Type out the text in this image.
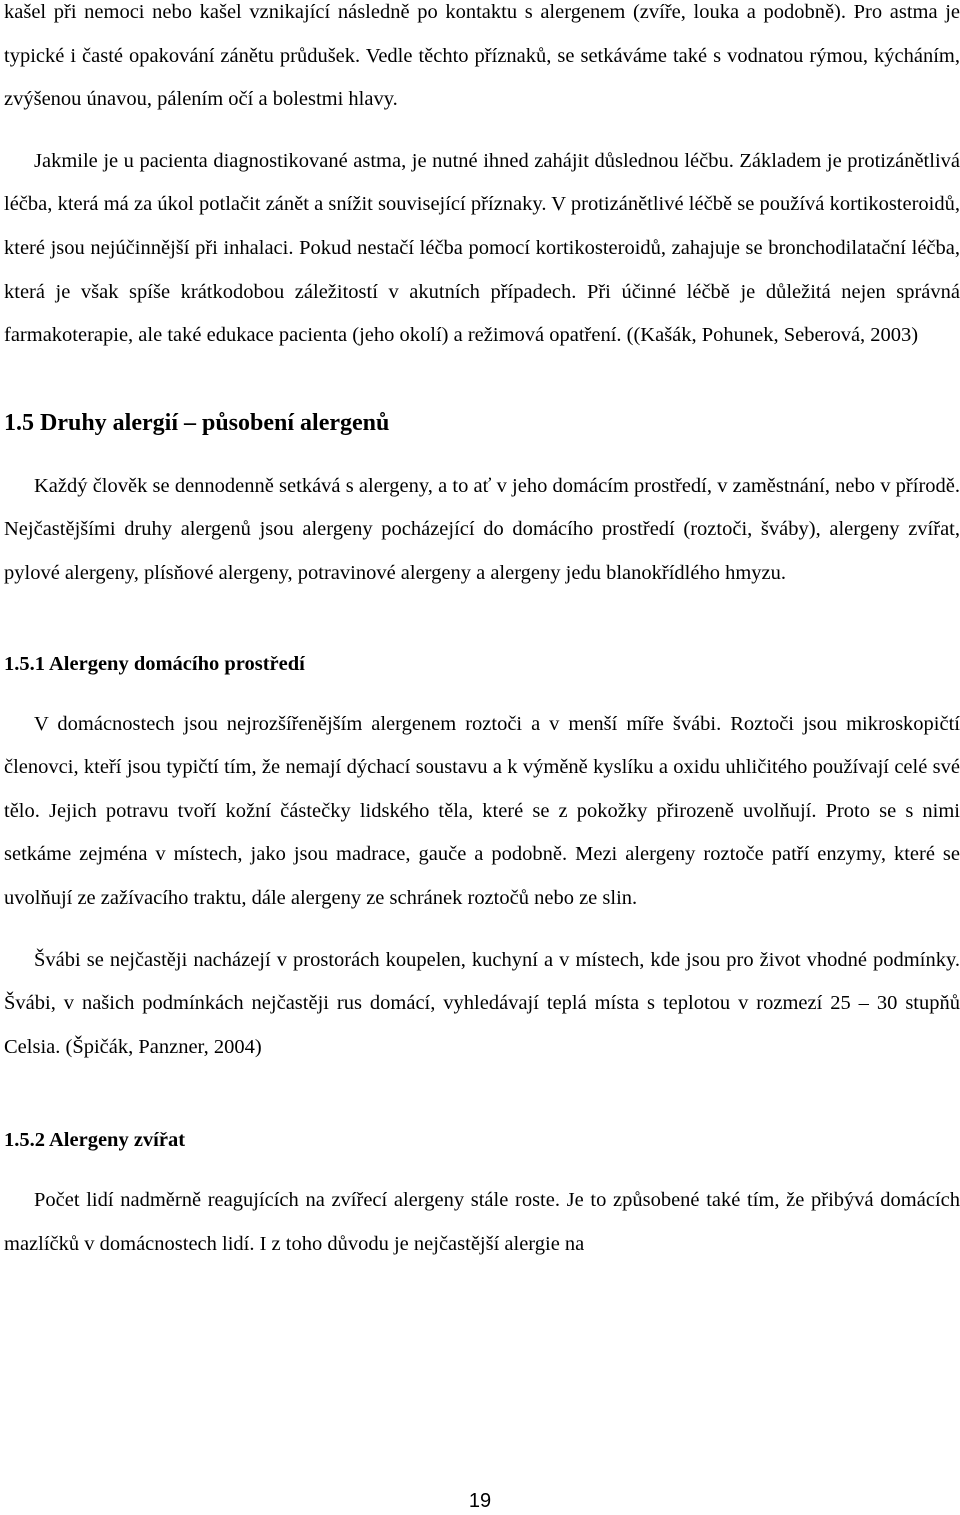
kašel při nemoci nebo kašel vznikající následně po kontaktu s alergenem (zvíře, louka a podobně). Pro astma je typické i časté opakování zánětu průdušek. Vedle těchto příznaků, se setkáváme také s vodnatou rýmou, kýcháním, zvýšenou únavou, pálením očí a bolestmi hlavy.

Jakmile je u pacienta diagnostikované astma, je nutné ihned zahájit důslednou léčbu. Základem je protizánětlivá léčba, která má za úkol potlačit zánět a snížit související příznaky. V protizánětlivé léčbě se používá kortikosteroidů, které jsou nejúčinnější při inhalaci. Pokud nestačí léčba pomocí kortikosteroidů, zahajuje se bronchodilatační léčba, která je však spíše krátkodobou záležitostí v akutních případech. Při účinné léčbě je důležitá nejen správná farmakoterapie, ale také edukace pacienta (jeho okolí) a režimová opatření. ((Kašák, Pohunek, Seberová, 2003)

1.5 Druhy alergií – působení alergenů

Každý člověk se dennodenně setkává s alergeny, a to ať v jeho domácím prostředí, v zaměstnání, nebo v přírodě. Nejčastějšími druhy alergenů jsou alergeny pocházející do domácího prostředí (roztoči, šváby), alergeny zvířat, pylové alergeny, plísňové alergeny, potravinové alergeny a alergeny jedu blanokřídlého hmyzu.

1.5.1 Alergeny domácího prostředí

V domácnostech jsou nejrozšířenějším alergenem roztoči a v menší míře švábi. Roztoči jsou mikroskopičtí členovci, kteří jsou typičtí tím, že nemají dýchací soustavu a k výměně kyslíku a oxidu uhličitého používají celé své tělo. Jejich potravu tvoří kožní částečky lidského těla, které se z pokožky přirozeně uvolňují. Proto se s nimi setkáme zejména v místech, jako jsou madrace, gauče a podobně. Mezi alergeny roztoče patří enzymy, které se uvolňují ze zažívacího traktu, dále alergeny ze schránek roztočů nebo ze slin.

Švábi se nejčastěji nacházejí v prostorách koupelen, kuchyní a v místech, kde jsou pro život vhodné podmínky. Švábi, v našich podmínkách nejčastěji rus domácí, vyhledávají teplá místa s teplotou v rozmezí 25 – 30 stupňů Celsia. (Špičák, Panzner, 2004)

1.5.2 Alergeny zvířat

Počet lidí nadměrně reagujících na zvířecí alergeny stále roste. Je to způsobené také tím, že přibývá domácích mazlíčků v domácnostech lidí. I z toho důvodu je nejčastější alergie na

19
